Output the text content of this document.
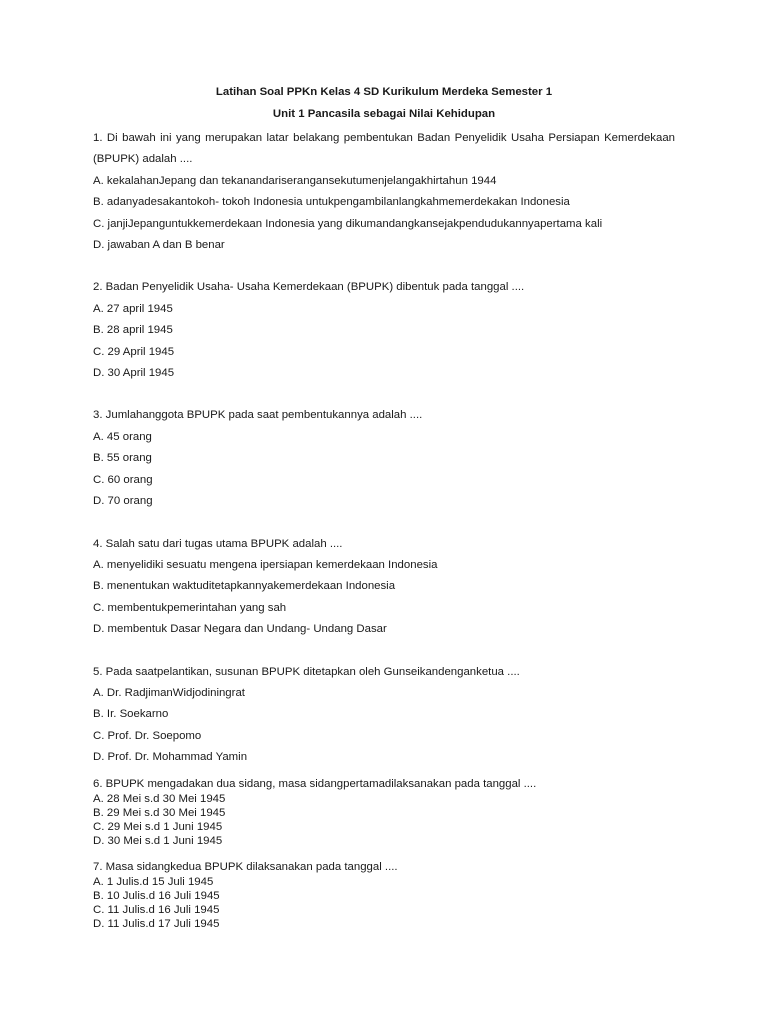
Latihan Soal PPKn Kelas 4 SD Kurikulum Merdeka Semester 1

Unit 1 Pancasila sebagai Nilai Kehidupan

1. Di bawah ini yang merupakan latar belakang pembentukan Badan Penyelidik Usaha Persiapan Kemerdekaan (BPUPK) adalah ....

A. kekalahanJepang dan tekanandariserangansekutumenjelangakhirtahun 1944

B. adanyadesakantokoh- tokoh Indonesia untukpengambilanlangkahmemerdekakan Indonesia

C. janjiJepanguntukkemerdekaan Indonesia yang dikumandangkansejakpendudukannyapertama kali

D. jawaban A dan B benar

2. Badan Penyelidik Usaha- Usaha Kemerdekaan (BPUPK) dibentuk pada tanggal ....

A. 27 april 1945

B. 28 april 1945

C. 29 April 1945

D. 30 April 1945

3. Jumlahanggota BPUPK pada saat pembentukannya adalah ....

A. 45 orang

B. 55 orang

C. 60 orang

D. 70 orang

4. Salah satu dari tugas utama BPUPK adalah ....

A. menyelidiki sesuatu mengena ipersiapan kemerdekaan Indonesia

B. menentukan waktuditetapkannyakemerdekaan Indonesia

C. membentukpemerintahan yang sah

D. membentuk Dasar Negara dan Undang- Undang Dasar

5. Pada saatpelantikan, susunan BPUPK ditetapkan oleh Gunseikandenganketua ....

A. Dr. RadjimanWidjodiningrat

B. Ir. Soekarno

C. Prof. Dr. Soepomo

D. Prof. Dr. Mohammad Yamin

6. BPUPK mengadakan dua sidang, masa sidangpertamadilaksanakan pada tanggal ....

A. 28 Mei s.d 30 Mei 1945

B. 29 Mei s.d 30 Mei 1945

C. 29 Mei s.d 1 Juni 1945

D. 30 Mei s.d 1 Juni 1945

7. Masa sidangkedua BPUPK dilaksanakan pada tanggal ....

A. 1 Julis.d 15 Juli 1945

B. 10 Julis.d 16 Juli 1945

C. 11 Julis.d 16 Juli 1945

D. 11 Julis.d 17 Juli 1945
